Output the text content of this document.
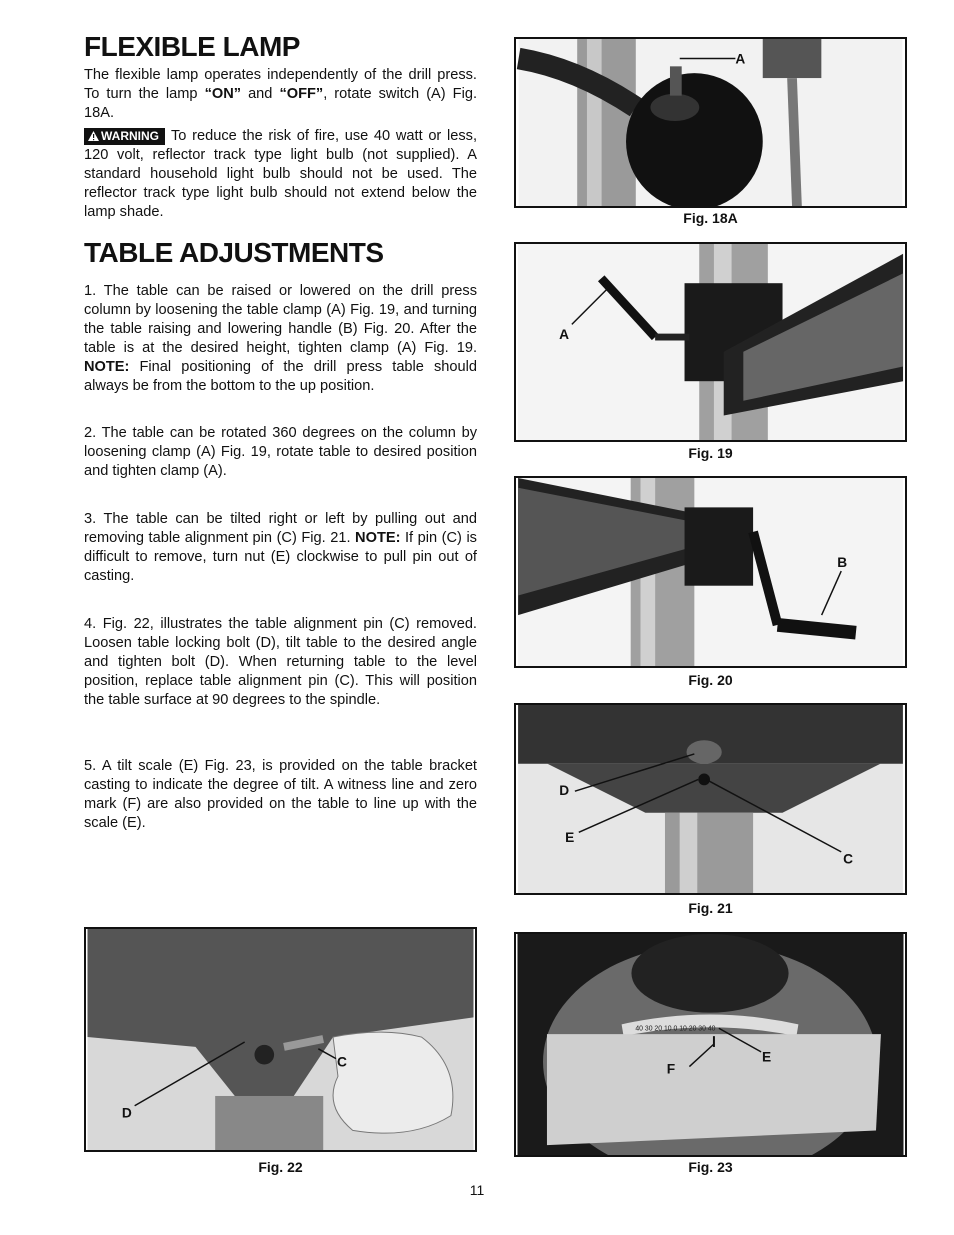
FLEXIBLE LAMP

The flexible lamp operates independently of the drill press. To turn the lamp “ON” and “OFF”, rotate switch (A) Fig. 18A.

WARNING To reduce the risk of fire, use 40 watt or less, 120 volt, reflector track type light bulb (not supplied). A standard household light bulb should not be used. The reflector track type light bulb should not extend below the lamp shade.

TABLE ADJUSTMENTS

1. The table can be raised or lowered on the drill press column by loosening the table clamp (A) Fig. 19, and turning the table raising and lowering handle (B) Fig. 20. After the table is at the desired height, tighten clamp (A) Fig. 19. NOTE: Final positioning of the drill press table should always be from the bottom to the up position.

2. The table can be rotated 360 degrees on the column by loosening clamp (A) Fig. 19, rotate table to desired position and tighten clamp (A).

3. The table can be tilted right or left by pulling out and removing table alignment pin (C) Fig. 21. NOTE: If pin (C) is difficult to remove, turn nut (E) clockwise to pull pin out of casting.

4. Fig. 22, illustrates the table alignment pin (C) removed. Loosen table locking bolt (D), tilt table to the desired angle and tighten bolt (D). When returning table to the level position, replace table alignment pin (C). This will position the table surface at 90 degrees to the spindle.

5. A tilt scale (E) Fig. 23, is provided on the table bracket casting to indicate the degree of tilt. A witness line and zero mark (F) are also provided on the table to line up with the scale (E).

A
Fig. 18A
A
Fig. 19
B
Fig. 20
D
E
C
Fig. 21
C
D
Fig. 22
40 30 20 10 0 10 20 30 40
F
E
Fig. 23
11
